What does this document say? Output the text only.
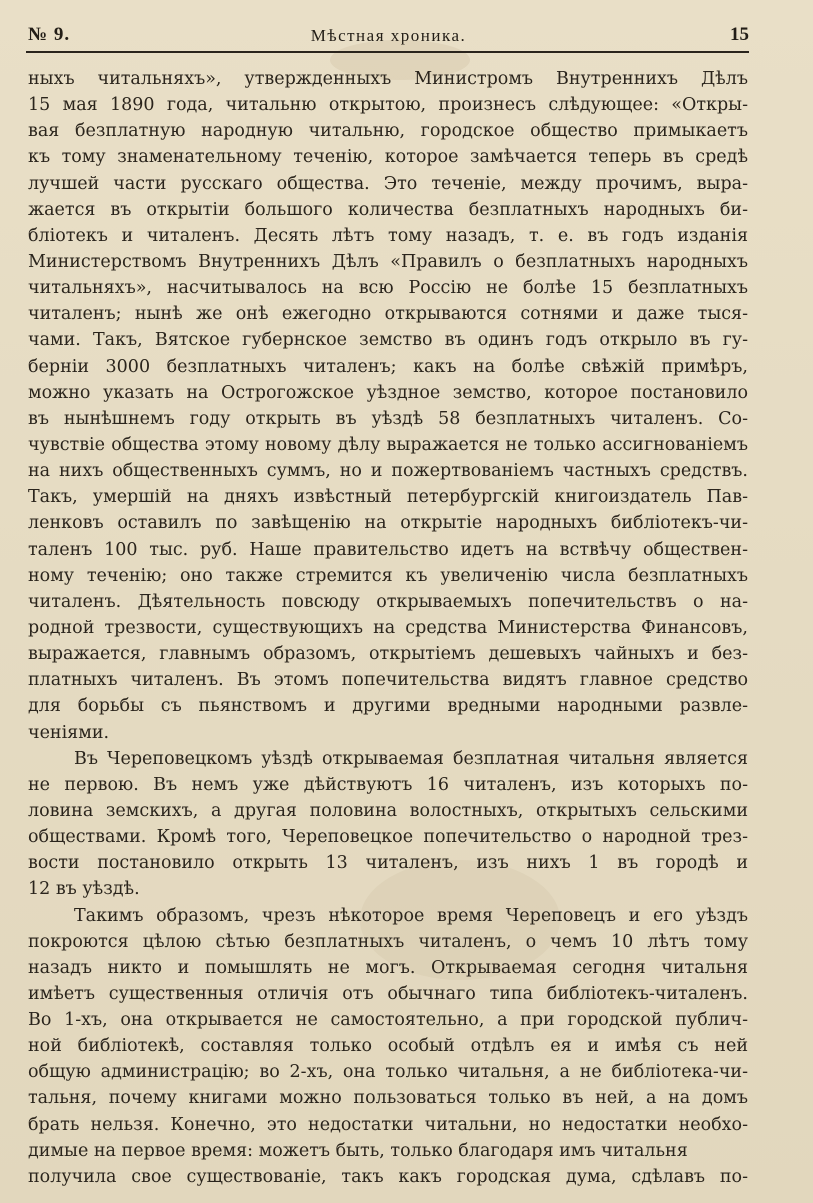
Мѣстная хроника.
№ 9.	15
ныхъ читальняхъ», утвержденныхъ Министромъ Внутреннихъ Дѣлъ
15 мая 1890 года, читальню открытою, произнесъ слѣдующее: «Откры-
вая безплатную народную читальню, городское общество примыкаетъ
къ тому знаменательному теченію, которое замѣчается теперь въ средѣ
лучшей части русскаго общества. Это теченіе, между прочимъ, выра-
жается въ открытіи большого количества безплатныхъ народныхъ би-
бліотекъ и читаленъ. Десять лѣтъ тому назадъ, т. е. въ годъ изданія
Министерствомъ Внутреннихъ Дѣлъ «Правилъ о безплатныхъ народныхъ
читальняхъ», насчитывалось на всю Россію не болѣе 15 безплатныхъ
читаленъ; нынѣ же онѣ ежегодно открываются сотнями и даже тыся-
чами. Такъ, Вятское губернское земство въ одинъ годъ открыло въ гу-
берніи 3000 безплатныхъ читаленъ; какъ на болѣе свѣжій примѣръ,
можно указать на Острогожское уѣздное земство, которое постановило
въ нынѣшнемъ году открыть въ уѣздѣ 58 безплатныхъ читаленъ. Со-
чувствіе общества этому новому дѣлу выражается не только ассигнованіемъ
на нихъ общественныхъ суммъ, но и пожертвованіемъ частныхъ средствъ.
Такъ, умершій на дняхъ извѣстный петербургскій книгоиздатель Пав-
ленковъ оставилъ по завѣщенію на открытіе народныхъ библіотекъ-чи-
таленъ 100 тыс. руб. Наше правительство идетъ на вствѣчу обществен-
ному теченію; оно также стремится къ увеличенію числа безплатныхъ
читаленъ. Дѣятельность повсюду открываемыхъ попечительствъ о на-
родной трезвости, существующихъ на средства Министерства Финансовъ,
выражается, главнымъ образомъ, открытіемъ дешевыхъ чайныхъ и без-
платныхъ читаленъ. Въ этомъ попечительства видятъ главное средство
для борьбы съ пьянствомъ и другими вредными народными развле-
ченіями.
Въ Череповецкомъ уѣздѣ открываемая безплатная читальня является
не первою. Въ немъ уже дѣйствуютъ 16 читаленъ, изъ которыхъ по-
ловина земскихъ, а другая половина волостныхъ, открытыхъ сельскими
обществами. Кромѣ того, Череповецкое попечительство о народной трез-
вости постановило открыть 13 читаленъ, изъ нихъ 1 въ городѣ и
12 въ уѣздѣ.
Такимъ образомъ, чрезъ нѣкоторое время Череповецъ и его уѣздъ
покроются цѣлою сѣтью безплатныхъ читаленъ, о чемъ 10 лѣтъ тому
назадъ никто и помышлять не могъ. Открываемая сегодня читальня
имѣетъ существенныя отличія отъ обычнаго типа библіотекъ-читаленъ.
Во 1-хъ, она открывается не самостоятельно, а при городской публич-
ной библіотекѣ, составляя только особый отдѣлъ ея и имѣя съ ней
общую администрацію; во 2-хъ, она только читальня, а не библіотека-чи-
тальня, почему книгами можно пользоваться только въ ней, а на домъ
брать нельзя. Конечно, это недостатки читальни, но недостатки необхо-
димые на первое время: можетъ быть, только благодаря имъ читальня
получила свое существованіе, такъ какъ городская дума, сдѣлавъ по-
